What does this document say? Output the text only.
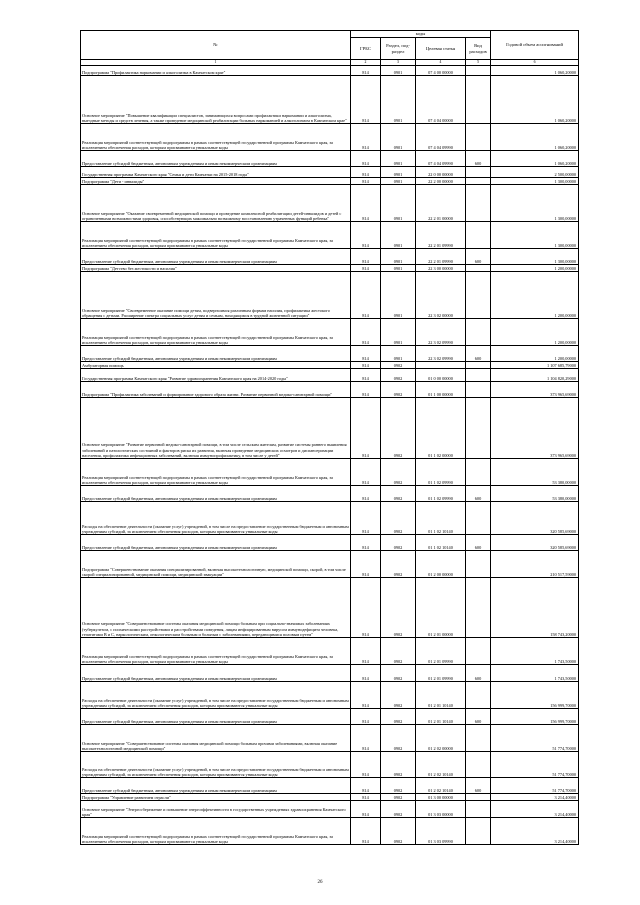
№	коды				Годовой объем ассигнований
	ГРБС	Раздел, под-раздел	Целевая статья	Вид расходов	
1	2	3	4	5	6
Подпрограмма "Профилактика наркомании и алкоголизма в Камчатском крае"	814	0901	07 4 00 00000		1 060,20000
Основное мероприятие "Повышение квалификации специалистов, занимающихся вопросами профилактики наркомании и алкоголизма, выездные методы и средств лечения, а также проведение медицинской реабилитации больных наркоманией и алкоголизмом в Камчатском крае"	814	0901	07 4 04 00000		1 060,20000
Реализация мероприятий соответствующей подпрограммы в рамках соответствующей государственной программы Камчатского края, за исключением обеспечения расходов, которым присваиваются уникальные коды	814	0901	07 4 04 09990		1 060,20000
Предоставление субсидий бюджетным, автономным учреждениям и иным некоммерческим организациям	814	0901	07 4 04 09990	600	1 060,20000
Государственная программа Камчатского края "Семья и дети Камчатки на 2015-2018 годы"	814	0901	22 0 00 00000		2 500,00000
Подпрограмма "Дети - инвалиды"	814	0901	22 2 00 00000		1 300,00000
Основное мероприятие "Оказание своевременной медицинской помощи и проведение комплексной реабилитации детей-инвалидов и детей с ограниченными возможностями здоровья, способствующих максимально возможному восстановлению утраченных функций ребенка"	814	0901	22 2 01 00000		1 300,00000
Реализация мероприятий соответствующей подпрограммы в рамках соответствующей государственной программы Камчатского края, за исключением обеспечения расходов, которым присваиваются уникальные коды	814	0901	22 2 01 09990		1 300,00000
Предоставление субсидий бюджетным, автономным учреждениям и иным некоммерческим организациям	814	0901	22 2 01 09990	600	1 300,00000
Подпрограмма "Детство без жестокости и насилия"	814	0901	22 3 00 00000		1 200,00000
Основное мероприятие "Своевременное оказание помощи детям, подвергшимся различным формам насилия, профилактика жестокого обращения с детьми. Расширение спектра социальных услуг детям и семьям, находящимся в трудной жизненной ситуации"	814	0901	22 3 02 00000		1 200,00000
Реализация мероприятий соответствующей подпрограммы в рамках соответствующей государственной программы Камчатского края, за исключением обеспечения расходов, которым присваиваются уникальные коды	814	0901	22 3 02 09990		1 200,00000
Предоставление субсидий бюджетным, автономным учреждениям и иным некоммерческим организациям	814	0901	22 3 02 09990	600	1 200,00000
Амбулаторная помощь	814	0902			1 107 685,79000
Государственная программа Камчатского края "Развитие здравоохранения Камчатского края на 2014-2020 годы"	814	0902	01 0 00 00000		1 104 820,29000
Подпрограмма "Профилактика заболеваний и формирование здорового образа жизни. Развитие первичной медико-санитарной помощи"	814	0902	01 1 00 00000		373 965,69000
Основное мероприятие "Развитие первичной медико-санитарной помощи, в том числе сельским жителям, развитие системы раннего выявления заболеваний и патологических состояний и факторов риска их развития, включая проведение медицинских осмотров и диспансеризации населения, профилактика инфекционных заболеваний, включая иммунопрофилактику, в том числе у детей"	814	0902	01 1 02 00000		373 965,69000
Реализация мероприятий соответствующей подпрограммы в рамках соответствующей государственной программы Камчатского края, за исключением обеспечения расходов, которым присваиваются уникальные коды	814	0902	01 1 02 09990		53 380,00000
Предоставление субсидий бюджетным, автономным учреждениям и иным некоммерческим организациям	814	0902	01 1 02 09990	600	53 380,00000
Расходы на обеспечение деятельности (оказание услуг) учреждений, в том числе на предоставление государственным бюджетным и автономным учреждениям субсидий, за исключением обеспечения расходов, которым присваиваются уникальные коды	814	0902	01 1 02 10140		320 585,69000
Предоставление субсидий бюджетным, автономным учреждениям и иным некоммерческим организациям	814	0902	01 1 02 10140	600	320 585,69000
Подпрограмма "Совершенствование оказания специализированной, включая высокотехнологичную, медицинской помощи, скорой, в том числе скорой специализированной, медицинской помощи, медицинской эвакуации"	814	0902	01 2 00 00000		210 517,59000
Основное мероприятие "Совершенствование системы оказания медицинской помощи больным при социально-значимых заболеваниях (туберкулезом, с психическими расстройствами и расстройствами поведения, лицам инфицированным вирусом иммунодефицита человека, гепатитами В и С, наркологическим, онкологическим больным и больным с заболеваниями, передающимися половым путем"	814	0902	01 2 01 00000		158 743,20000
Реализация мероприятий соответствующей подпрограммы в рамках соответствующей государственной программы Камчатского края, за исключением обеспечения расходов, которым присваиваются уникальные коды	814	0902	01 2 01 09990		1 743,50000
Предоставление субсидий бюджетным, автономным учреждениям и иным некоммерческим организациям	814	0902	01 2 01 09990	600	1 743,50000
Расходы на обеспечение деятельности (оказание услуг) учреждений, в том числе на предоставление государственным бюджетным и автономным учреждениям субсидий, за исключением обеспечения расходов, которым присваиваются уникальные коды	814	0902	01 2 01 10140		156 999,70000
Предоставление субсидий бюджетным, автономным учреждениям и иным некоммерческим организациям	814	0902	01 2 01 10140	600	156 999,70000
Основное мероприятие "Совершенствование системы оказания медицинской помощи больным прочими заболеваниями, включая оказание высокотехнологичной медицинской помощи"	814	0902	01 2 02 00000		51 774,70000
Расходы на обеспечение деятельности (оказание услуг) учреждений, в том числе на предоставление государственным бюджетным и автономным учреждениям субсидий, за исключением обеспечения расходов, которым присваиваются уникальные коды	814	0902	01 2 02 10140		51 774,70000
Предоставление субсидий бюджетным, автономным учреждениям и иным некоммерческим организациям	814	0902	01 2 02 10140	600	51 774,70000
Подпрограмма "Управление развитием отрасли"	814	0902	01 3 00 00000		3 214,40000
Основное мероприятие "Энергосбережение и повышение энергоэффективности в государственных учреждениях здравоохранения Камчатского края"	814	0902	01 3 03 00000		3 214,40000
Реализация мероприятий соответствующей подпрограммы в рамках соответствующей государственной программы Камчатского края, за исключением обеспечения расходов, которым присваиваются уникальные коды	814	0902	01 3 03 09990		3 214,40000
26
